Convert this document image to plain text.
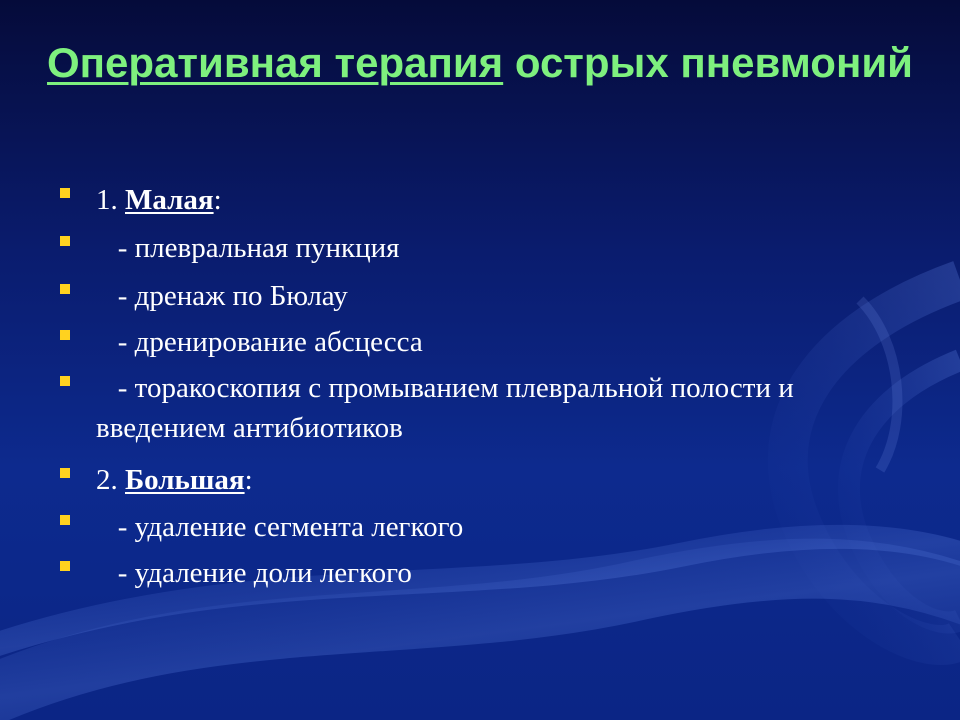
Оперативная терапия острых пневмоний
1. Малая:
- плевральная пункция
- дренаж по Бюлау
- дренирование абсцесса
- торакоскопия с промыванием плевральной полости и введением антибиотиков
2. Большая:
- удаление сегмента легкого
- удаление доли легкого
